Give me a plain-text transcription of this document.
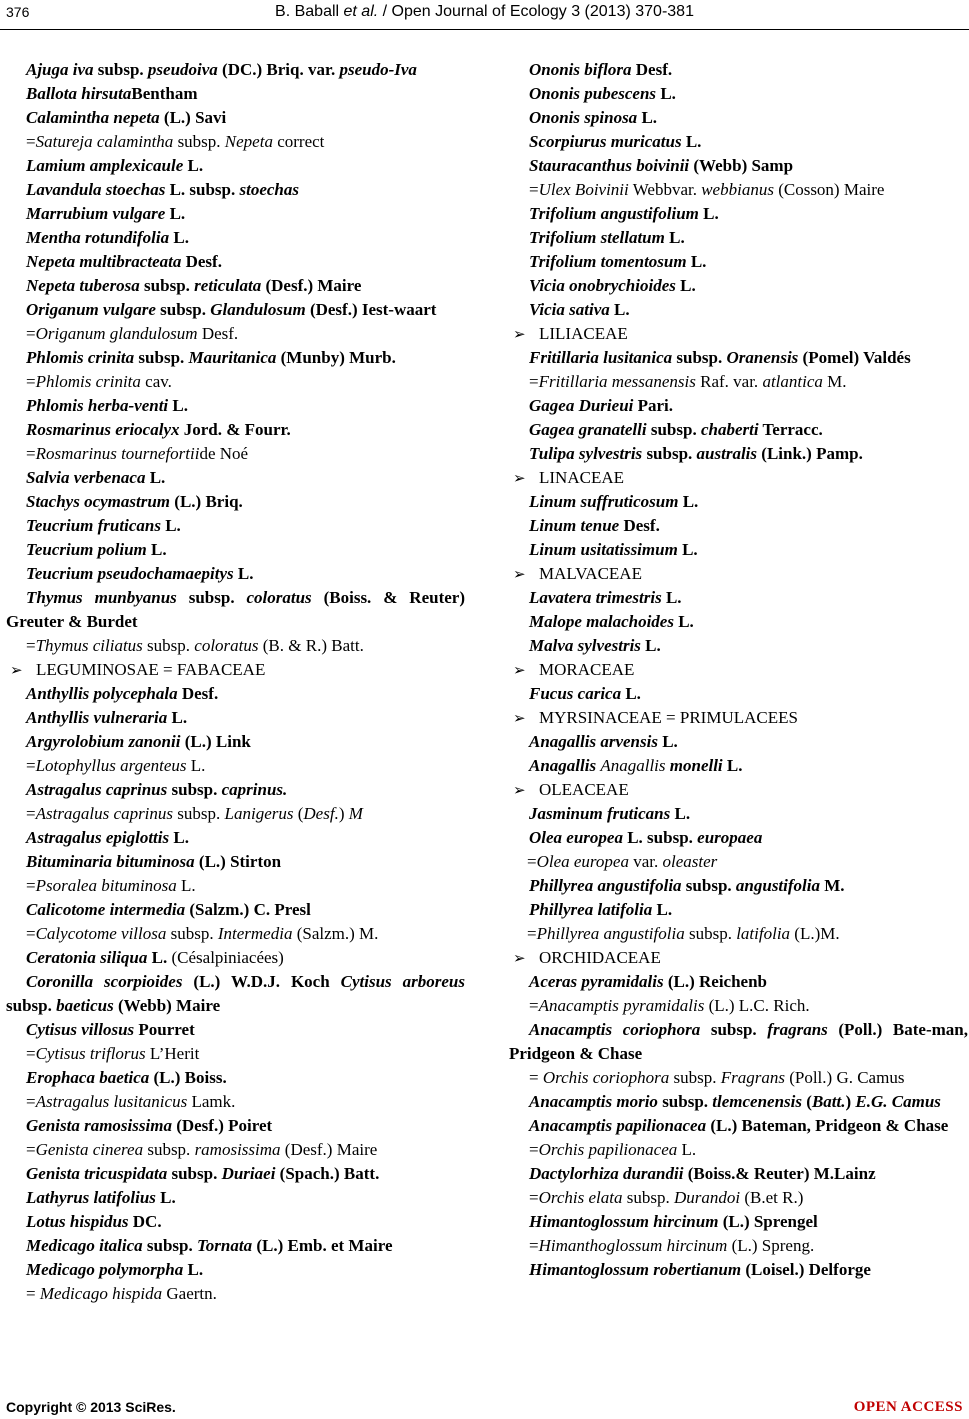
376	B. Baball et al. / Open Journal of Ecology 3 (2013) 370-381
Ajuga iva subsp. pseudoiva (DC.) Briq. var. pseudo-Iva
Ballota hirsutaBentham
Calamintha nepeta (L.) Savi
=Satureja calamintha subsp. Nepeta correct
Lamium amplexicaule L.
Lavandula stoechas L. subsp. stoechas
Marrubium vulgare L.
Mentha rotundifolia L.
Nepeta multibracteata Desf.
Nepeta tuberosa subsp. reticulata (Desf.) Maire
Origanum vulgare subsp. Glandulosum (Desf.) Iest-waart
=Origanum glandulosum Desf.
Phlomis crinita subsp. Mauritanica (Munby) Murb.
=Phlomis crinita cav.
Phlomis herba-venti L.
Rosmarinus eriocalyx Jord. & Fourr.
=Rosmarinus tournefortiide Noé
Salvia verbenaca L.
Stachys ocymastrum (L.) Briq.
Teucrium fruticans L.
Teucrium polium L.
Teucrium pseudochamaepitys L.
Thymus munbyanus subsp. coloratus (Boiss. & Reuter) Greuter & Burdet
=Thymus ciliatus subsp. coloratus (B. & R.) Batt.
➢ LEGUMINOSAE = FABACEAE
Anthyllis polycephala Desf.
Anthyllis vulneraria L.
Argyrolobium zanonii (L.) Link
=Lotophyllus argenteus L.
Astragalus caprinus subsp. caprinus.
=Astragalus caprinus subsp. Lanigerus (Desf.) M
Astragalus epiglottis L.
Bituminaria bituminosa (L.) Stirton
=Psoralea bituminosa L.
Calicotome intermedia (Salzm.) C. Presl
=Calycotome villosa subsp. Intermedia (Salzm.) M.
Ceratonia siliqua L. (Césalpiniacées)
Coronilla scorpioides (L.) W.D.J. Koch Cytisus arboreus subsp. baeticus (Webb) Maire
Cytisus villosus Pourret
=Cytisus triflorus L’Herit
Erophaca baetica (L.) Boiss.
=Astragalus lusitanicus Lamk.
Genista ramosissima (Desf.) Poiret
=Genista cinerea subsp. ramosissima (Desf.) Maire
Genista tricuspidata subsp. Duriaei (Spach.) Batt.
Lathyrus latifolius L.
Lotus hispidus DC.
Medicago italica subsp. Tornata (L.) Emb. et Maire
Medicago polymorpha L.
= Medicago hispida Gaertn.
Ononis biflora Desf.
Ononis pubescens L.
Ononis spinosa L.
Scorpiurus muricatus L.
Stauracanthus boivinii (Webb) Samp
=Ulex Boivinii Webbvar. webbianus (Cosson) Maire
Trifolium angustifolium L.
Trifolium stellatum L.
Trifolium tomentosum L.
Vicia onobrychioides L.
Vicia sativa L.
➢ LILIACEAE
Fritillaria lusitanica subsp. Oranensis (Pomel) Valdés
=Fritillaria messanensis Raf. var. atlantica M.
Gagea Durieui Pari.
Gagea granatelli subsp. chaberti Terracc.
Tulipa sylvestris subsp. australis (Link.) Pamp.
➢ LINACEAE
Linum suffruticosum L.
Linum tenue Desf.
Linum usitatissimum L.
➢ MALVACEAE
Lavatera trimestris L.
Malope malachoides L.
Malva sylvestris L.
➢ MORACEAE
Fucus carica L.
➢ MYRSINACEAE = PRIMULACEES
Anagallis arvensis L.
Anagallis Anagallis monelli L.
➢ OLEACEAE
Jasminum fruticans L.
Olea europea L. subsp. europaea
=Olea europea var. oleaster
Phillyrea angustifolia subsp. angustifolia M.
Phillyrea latifolia L.
=Phillyrea angustifolia subsp. latifolia (L.)M.
➢ ORCHIDACEAE
Aceras pyramidalis (L.) Reichenb
=Anacamptis pyramidalis (L.) L.C. Rich.
Anacamptis coriophora subsp. fragrans (Poll.) Bate-man, Pridgeon & Chase
= Orchis coriophora subsp. Fragrans (Poll.) G. Camus
Anacamptis morio subsp. tlemcenensis (Batt.) E.G. Camus
Anacamptis papilionacea (L.) Bateman, Pridgeon & Chase
=Orchis papilionacea L.
Dactylorhiza durandii (Boiss.& Reuter) M.Lainz
=Orchis elata subsp. Durandoi (B.et R.)
Himantoglossum hircinum (L.) Sprengel
=Himanthoglossum hircinum (L.) Spreng.
Himantoglossum robertianum (Loisel.) Delforge
Copyright © 2013 SciRes.	OPEN ACCESS
